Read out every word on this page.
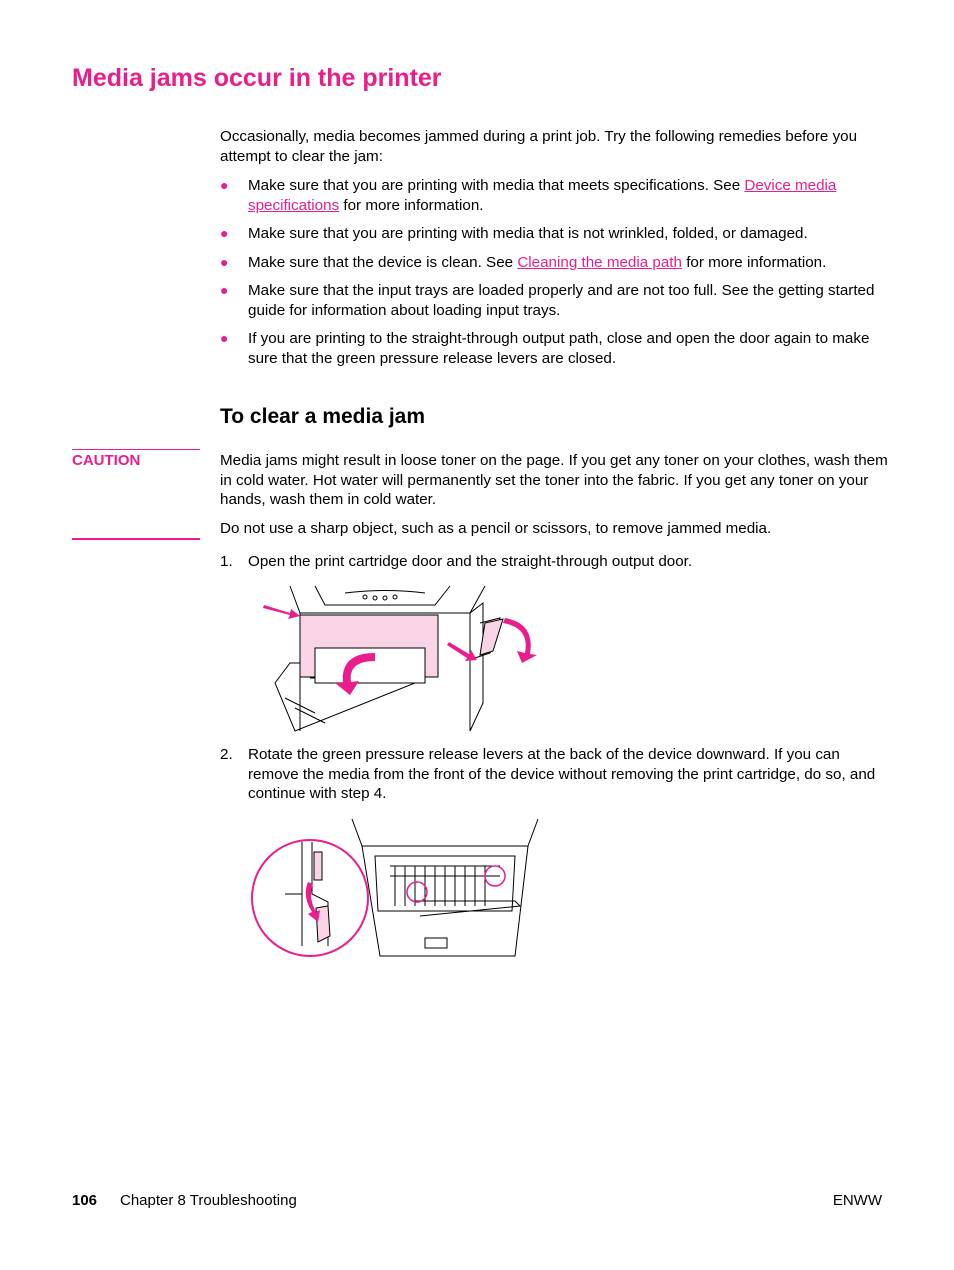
Media jams occur in the printer
Occasionally, media becomes jammed during a print job. Try the following remedies before you attempt to clear the jam:
● Make sure that you are printing with media that meets specifications. See Device media specifications for more information.
● Make sure that you are printing with media that is not wrinkled, folded, or damaged.
● Make sure that the device is clean. See Cleaning the media path for more information.
● Make sure that the input trays are loaded properly and are not too full. See the getting started guide for information about loading input trays.
● If you are printing to the straight-through output path, close and open the door again to make sure that the green pressure release levers are closed.
To clear a media jam
CAUTION	Media jams might result in loose toner on the page. If you get any toner on your clothes, wash them in cold water. Hot water will permanently set the toner into the fabric. If you get any toner on your hands, wash them in cold water.
Do not use a sharp object, such as a pencil or scissors, to remove jammed media.
1. Open the print cartridge door and the straight-through output door.
2. Rotate the green pressure release levers at the back of the device downward. If you can remove the media from the front of the device without removing the print cartridge, do so, and continue with step 4.
106 Chapter 8 Troubleshooting	ENWW
